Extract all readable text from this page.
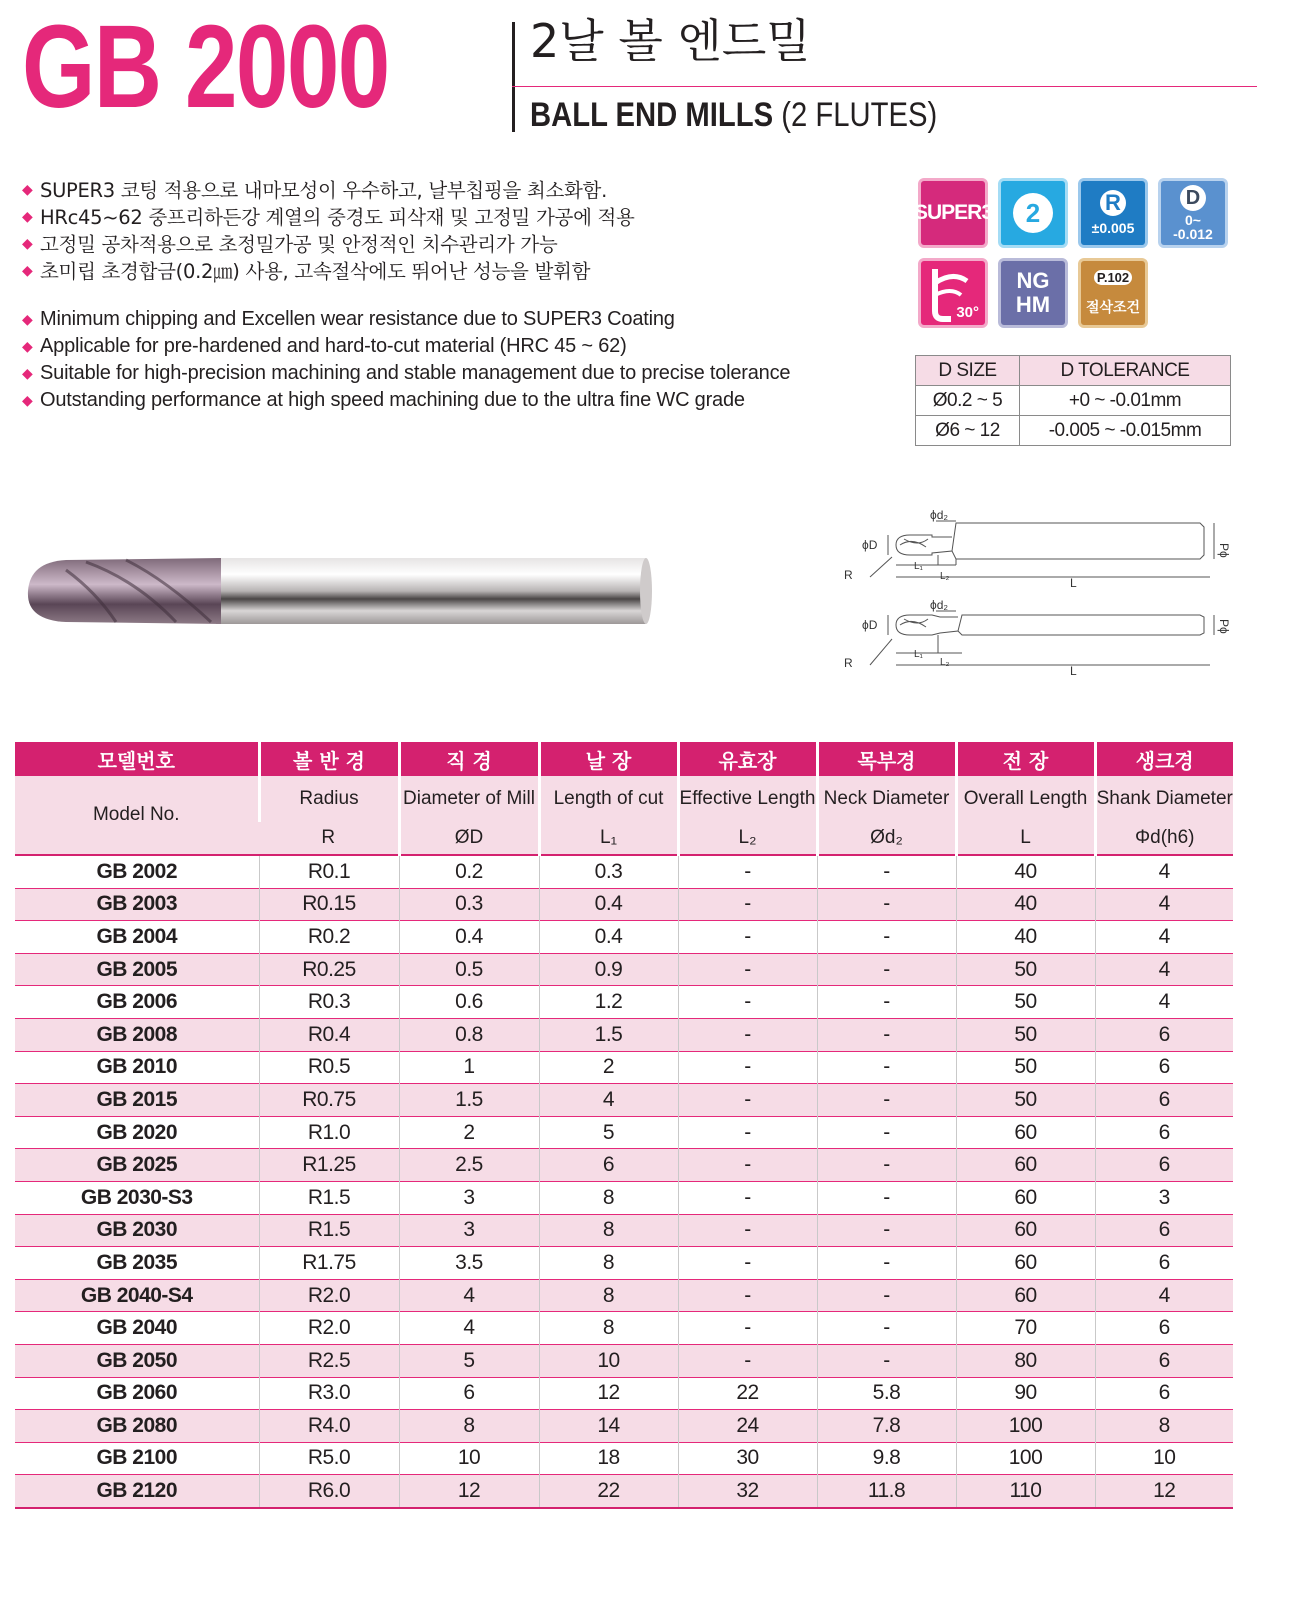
GB 2000	2날 볼 엔드밀
BALL END MILLS (2 FLUTES)
◆ SUPER3 코팅 적용으로 내마모성이 우수하고, 날부칩핑을 최소화함.
◆ HRc45~62 중프리하든강 계열의 중경도 피삭재 및 고정밀 가공에 적용
◆ 고정밀 공차적용으로 초정밀가공 및 안정적인 치수관리가 가능
◆ 초미립 초경합금(0.2㎛) 사용, 고속절삭에도 뛰어난 성능을 발휘함
◆ Minimum chipping and Excellen wear resistance due to SUPER3 Coating
◆ Applicable for pre-hardened and hard-to-cut material (HRC 45 ~ 62)
◆ Suitable for high-precision machining and stable management due to precise tolerance
◆ Outstanding performance at high speed machining due to the ultra fine WC grade
SUPER3	2	R
±0.005
D
0~
-0.012
30°
NG
HM
P.102
절삭조건
D SIZE	D TOLERANCE
Ø0.2 ~ 5	+0 ~ -0.01mm
Ø6 ~ 12	-0.005 ~ -0.015mm
ϕd₂
ϕD
R
L₁
L₂	L
Pϕ
ϕd₂
ϕD
R
L₁
L₂
L
Pϕ
모델번호	볼 반 경	직 경	날 장	유효장	목부경	전 장	생크경
Model No.	Radius	Diameter of Mill	Length of cut	Effective Length	Neck Diameter	Overall Length	Shank Diameter
	R	ØD	L₁	L₂	Ød₂	L	Φd(h6)
GB 2002	R0.1	0.2	0.3	-	-	40	4
GB 2003	R0.15	0.3	0.4	-	-	40	4
GB 2004	R0.2	0.4	0.4	-	-	40	4
GB 2005	R0.25	0.5	0.9	-	-	50	4
GB 2006	R0.3	0.6	1.2	-	-	50	4
GB 2008	R0.4	0.8	1.5	-	-	50	6
GB 2010	R0.5	1	2	-	-	50	6
GB 2015	R0.75	1.5	4	-	-	50	6
GB 2020	R1.0	2	5	-	-	60	6
GB 2025	R1.25	2.5	6	-	-	60	6
GB 2030-S3	R1.5	3	8	-	-	60	3
GB 2030	R1.5	3	8	-	-	60	6
GB 2035	R1.75	3.5	8	-	-	60	6
GB 2040-S4	R2.0	4	8	-	-	60	4
GB 2040	R2.0	4	8	-	-	70	6
GB 2050	R2.5	5	10	-	-	80	6
GB 2060	R3.0	6	12	22	5.8	90	6
GB 2080	R4.0	8	14	24	7.8	100	8
GB 2100	R5.0	10	18	30	9.8	100	10
GB 2120	R6.0	12	22	32	11.8	110	12
